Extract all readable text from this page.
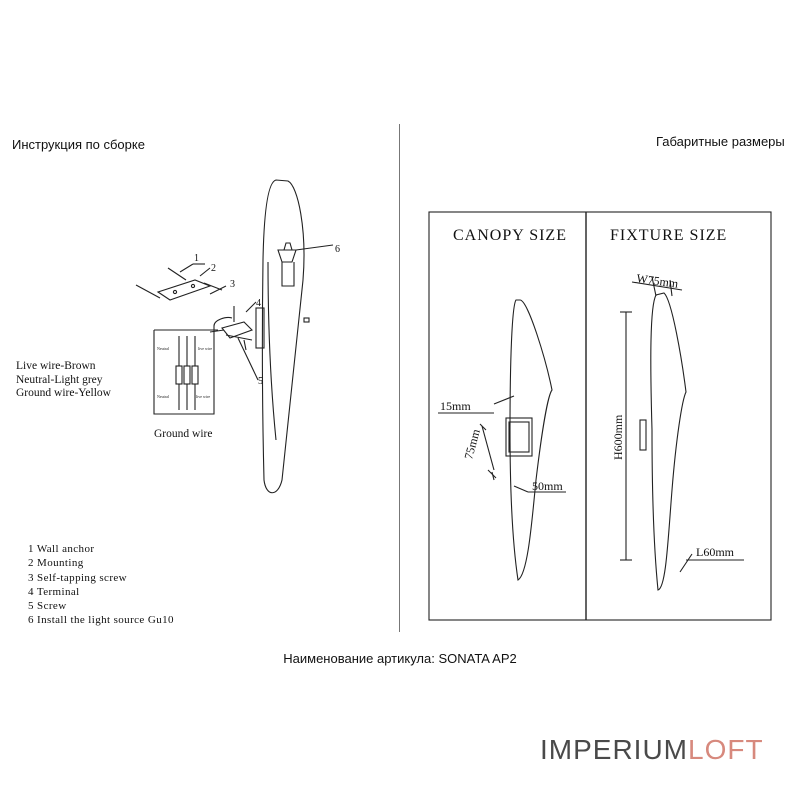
Инструкция по сборке	Габаритные размеры
1
2
3
4
5
6
Neutral	live wire
Neutral	live wire
Live wire-Brown
Neutral-Light grey
Ground wire-Yellow
Ground wire
1 Wall anchor
2 Mounting
3 Self-tapping screw
4 Terminal
5 Screw
6 Install the light source Gu10
CANOPY SIZE	FIXTURE SIZE
15mm
75mm
50mm
W75mm
H600mm
L60mm
Наименование артикула: SONATA AP2
IMPERIUMLOFT
